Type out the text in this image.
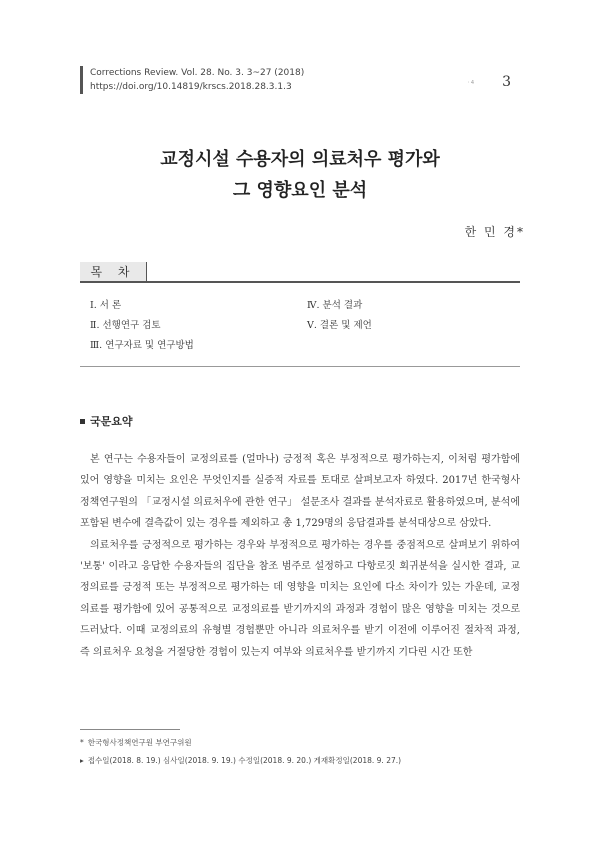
Corrections Review. Vol. 28. No. 3. 3~27 (2018)
https://doi.org/10.14819/krscs.2018.28.3.1.3	ㆍ4 3
교정시설 수용자의 의료처우 평가와
그 영향요인 분석
한 민 경*
목 차
Ⅰ. 서 론
Ⅱ. 선행연구 검토
Ⅲ. 연구자료 및 연구방법
Ⅳ. 분석 결과
Ⅴ. 결론 및 제언
국문요약

본 연구는 수용자들이 교정의료를 (얼마나) 긍정적 혹은 부정적으로 평가하는지, 이처럼 평가함에 있어 영향을 미치는 요인은 무엇인지를 실증적 자료를 토대로 살펴보고자 하였다. 2017년 한국형사정책연구원의 「교정시설 의료처우에 관한 연구」 설문조사 결과를 분석자료로 활용하였으며, 분석에 포함된 변수에 결측값이 있는 경우를 제외하고 총 1,729명의 응답결과를 분석대상으로 삼았다.

의료처우를 긍정적으로 평가하는 경우와 부정적으로 평가하는 경우를 중점적으로 살펴보기 위하여 '보통' 이라고 응답한 수용자들의 집단을 참조 범주로 설정하고 다항로짓 회귀분석을 실시한 결과, 교정의료를 긍정적 또는 부정적으로 평가하는 데 영향을 미치는 요인에 다소 차이가 있는 가운데, 교정의료를 평가함에 있어 공통적으로 교정의료를 받기까지의 과정과 경험이 많은 영향을 미치는 것으로 드러났다. 이때 교정의료의 유형별 경험뿐만 아니라 의료처우를 받기 이전에 이루어진 절차적 과정, 즉 의료처우 요청을 거절당한 경험이 있는지 여부와 의료처우를 받기까지 기다린 시간 또한

* 한국형사정책연구원 부연구위원
▸ 접수일(2018. 8. 19.) 심사일(2018. 9. 19.) 수정일(2018. 9. 20.) 게재확정일(2018. 9. 27.)
